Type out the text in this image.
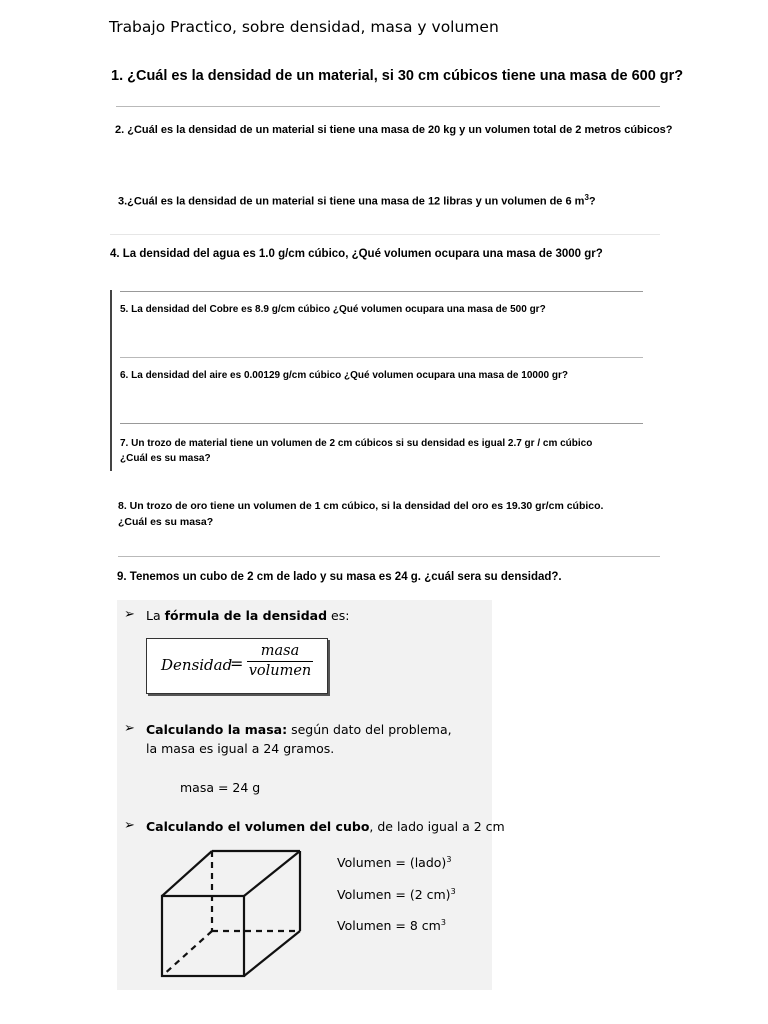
Trabajo Practico, sobre densidad, masa y volumen
1. ¿Cuál es la densidad de un material, si 30 cm cúbicos tiene una masa de 600 gr?
2. ¿Cuál es la densidad de un material si tiene una masa de 20 kg y un volumen total de 2 metros cúbicos?
3.¿Cuál es la densidad de un material si tiene una masa de 12 libras y un volumen de 6 $m^3$?
4. La densidad del agua es 1.0 g/cm cúbico, ¿Qué volumen ocupara una masa de 3000 gr?
5. La densidad del Cobre es 8.9 g/cm cúbico ¿Qué volumen ocupara una masa de 500 gr?
6. La densidad del aire es 0.00129 g/cm cúbico ¿Qué volumen ocupara una masa de 10000 gr?
7. Un trozo de material tiene un volumen de 2 cm cúbicos si su densidad es igual 2.7 gr / cm cúbico
¿Cuál es su masa?
8. Un trozo de oro tiene un volumen de 1 cm cúbico, si la densidad del oro es 19.30 gr/cm cúbico.
¿Cuál es su masa?
9. Tenemos un cubo de 2 cm de lado y su masa es 24 g. ¿cuál sera su densidad?.
➢ La fórmula de la densidad es:
Densidad
=
masa
volumen
➢ Calculando la masa: según dato del problema,
la masa es igual a 24 gramos.
masa = 24 g
➢ Calculando el volumen del cubo, de lado igual a 2 cm
Volumen = (lado)$^3$
Volumen = (2 cm)$^3$
Volumen = 8 $cm^3$
